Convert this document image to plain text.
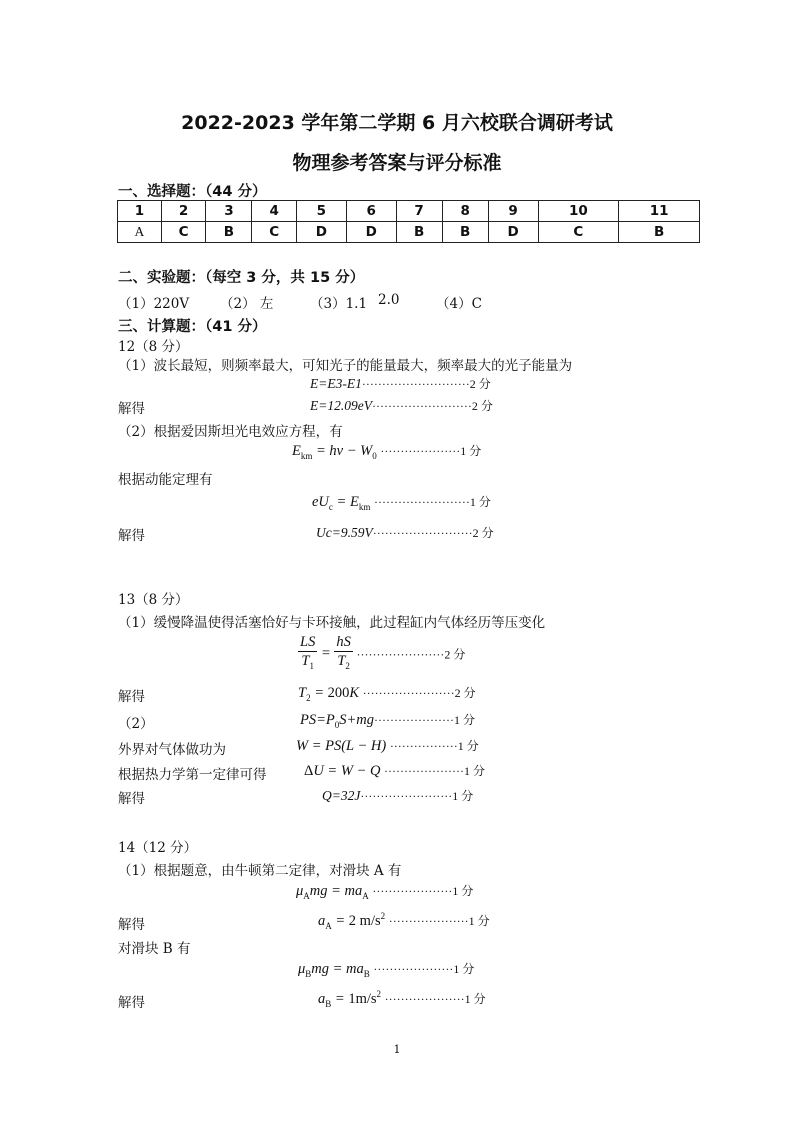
2022-2023 学年第二学期 6 月六校联合调研考试
物理参考答案与评分标准
一、选择题：（44 分）
1	2	3	4	5	6	7	8	9	10	11
A	C	B	C	D	D	B	B	D	C	B
二、实验题：（每空 3 分，共 15 分）
（1）220V （2） 左	（3）1.1 2.0	（4）C
三、计算题：（41 分）
12（8 分）
（1）波长最短，则频率最大，可知光子的能量最大，频率最大的光子能量为
E=E3-E1···························2 分
解得	E=12.09eV·························2 分
（2）根据爱因斯坦光电效应方程，有
$E_{km} = h\nu - W_0 \cdot\cdot\cdot\cdot\cdot\cdot\cdot\cdot\cdot\cdot\cdot\cdot\cdot\cdot\cdot\cdot\cdot\cdot\cdot\cdot 1$ 分
根据动能定理有
$eU_c = E_{km} \cdot\cdot\cdot\cdot\cdot\cdot\cdot\cdot\cdot\cdot\cdot\cdot\cdot\cdot\cdot\cdot\cdot\cdot\cdot\cdot\cdot\cdot\cdot\cdot 1$ 分
解得	Uc=9.59V·························2 分
13（8 分）
（1）缓慢降温使得活塞恰好与卡环接触，此过程缸内气体经历等压变化
$\frac{LS}{T_1} = \frac{hS}{T_2} \cdot\cdot\cdot\cdot\cdot\cdot\cdot\cdot\cdot\cdot\cdot\cdot\cdot\cdot\cdot\cdot\cdot\cdot\cdot\cdot\cdot\cdot 2$ 分
解得	$T_2 = 200K \cdot\cdot\cdot\cdot\cdot\cdot\cdot\cdot\cdot\cdot\cdot\cdot\cdot\cdot\cdot\cdot\cdot\cdot\cdot\cdot\cdot\cdot\cdot 2$ 分
（2）	$PS=P_0S+mg\cdot\cdot\cdot\cdot\cdot\cdot\cdot\cdot\cdot\cdot\cdot\cdot\cdot\cdot\cdot\cdot\cdot\cdot\cdot\cdot 1$ 分
外界对气体做功为	W = PS(L − H) ·················1 分
根据热力学第一定律可得	ΔU = W − Q ····················1 分
解得	Q=32J·······················1 分
14（12 分）
（1）根据题意，由牛顿第二定律，对滑块 A 有
$\mu_Amg = ma_A \cdot\cdot\cdot\cdot\cdot\cdot\cdot\cdot\cdot\cdot\cdot\cdot\cdot\cdot\cdot\cdot\cdot\cdot\cdot\cdot 1$ 分
解得	$a_A = 2$ $m/s^2 \cdot\cdot\cdot\cdot\cdot\cdot\cdot\cdot\cdot\cdot\cdot\cdot\cdot\cdot\cdot\cdot\cdot\cdot\cdot\cdot 1$ 分
对滑块 B 有
$\mu_Bmg = ma_B \cdot\cdot\cdot\cdot\cdot\cdot\cdot\cdot\cdot\cdot\cdot\cdot\cdot\cdot\cdot\cdot\cdot\cdot\cdot\cdot 1$ 分
解得	$a_B = 1m/s^2 \cdot\cdot\cdot\cdot\cdot\cdot\cdot\cdot\cdot\cdot\cdot\cdot\cdot\cdot\cdot\cdot\cdot\cdot\cdot\cdot 1$ 分
1
